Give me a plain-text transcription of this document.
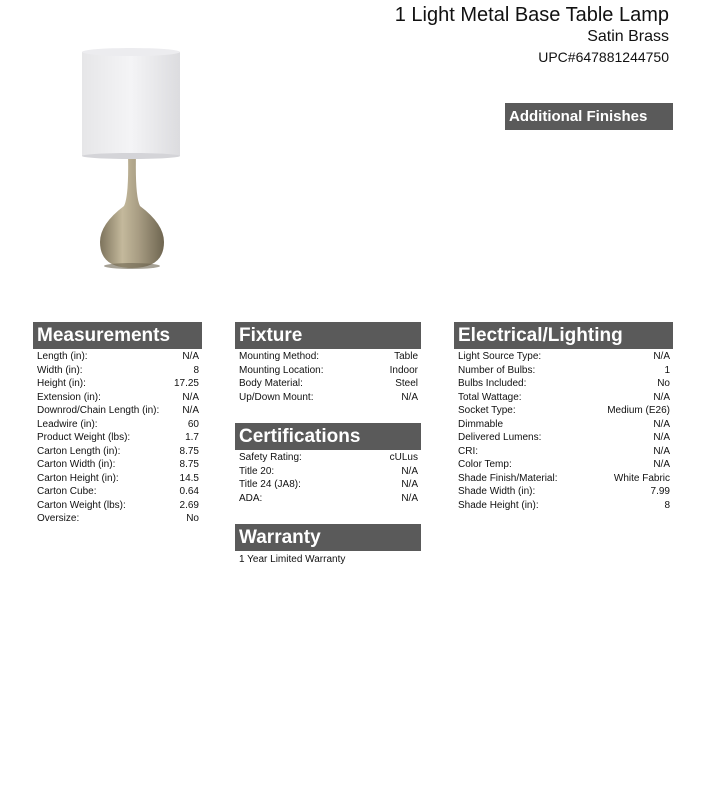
1 Light Metal Base Table Lamp
Satin Brass
UPC#647881244750
Additional Finishes
Measurements
Length (in):	N/A
Width (in):	8
Height (in):	17.25
Extension (in):	N/A
Downrod/Chain Length (in): N/A
Leadwire (in):	60
Product Weight (lbs):	1.7
Carton Length (in):	8.75
Carton Width (in):	8.75
Carton Height (in):	14.5
Carton Cube:	0.64
Carton Weight (lbs):	2.69
Oversize:	No
Fixture
Mounting Method:	Table
Mounting Location:	Indoor
Body Material:	Steel
Up/Down Mount:	N/A
Certifications
Safety Rating:	cULus
Title 20:	N/A
Title 24 (JA8):	N/A
ADA:	N/A
Warranty
1 Year Limited Warranty
Electrical/Lighting
Light Source Type:	N/A
Number of Bulbs:	1
Bulbs Included:	No
Total Wattage:	N/A
Socket Type:	Medium (E26)
Dimmable	N/A
Delivered Lumens:	N/A
CRI:	N/A
Color Temp:	N/A
Shade Finish/Material:	White Fabric
Shade Width (in):	7.99
Shade Height (in):	8
